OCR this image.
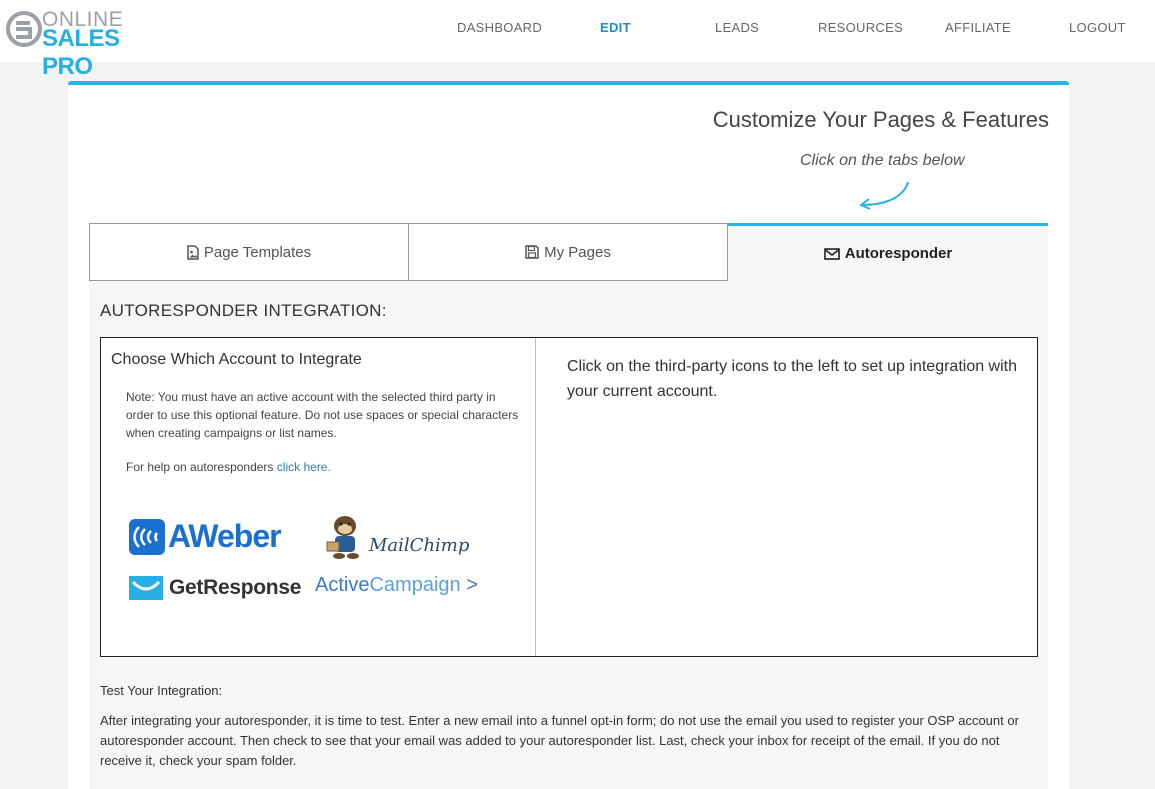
ONLINE
SALES PRO
DASHBOARD	EDIT	LEADS	RESOURCES	AFFILIATE	LOGOUT
Customize Your Pages & Features
Click on the tabs below
Page Templates	My Pages	Autoresponder
AUTORESPONDER INTEGRATION:
Choose Which Account to Integrate
Note: You must have an active account with the selected third party in order to use this optional feature. Do not use spaces or special characters when creating campaigns or list names.
For help on autoresponders click here.
AWeber	MailChimp
GetResponse ActiveCampaign >
Click on the third-party icons to the left to set up integration with your current account.
Test Your Integration:
After integrating your autoresponder, it is time to test. Enter a new email into a funnel opt-in form; do not use the email you used to register your OSP account or autoresponder account. Then check to see that your email was added to your autoresponder list. Last, check your inbox for receipt of the email. If you do not receive it, check your spam folder.
